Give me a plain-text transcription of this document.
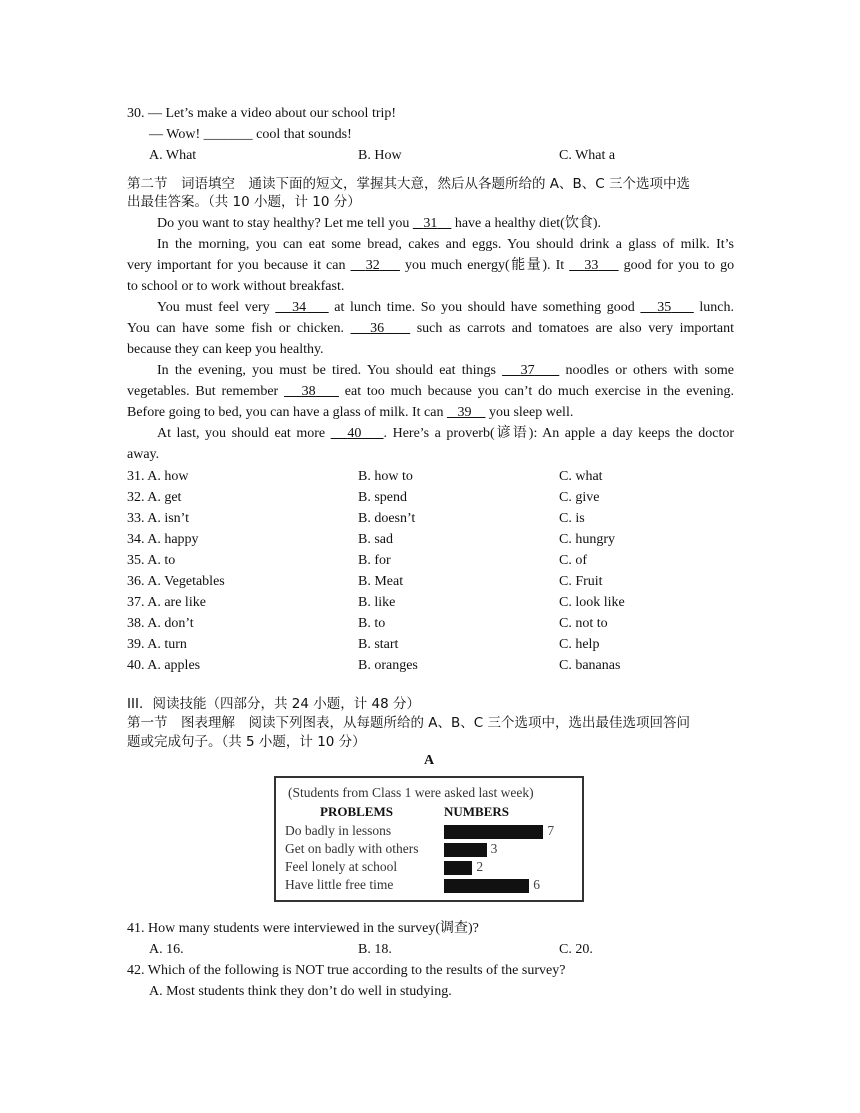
30. — Let’s make a video about our school trip!
— Wow! _______ cool that sounds!
A. What	B. How	C. What a
第二节　词语填空　通读下面的短文，掌握其大意，然后从各题所给的 A、B、C 三个选项中选
出最佳答案。（共 10 小题，计 10 分）
Do you want to stay healthy? Let me tell you 31 have a healthy diet(饮食).
In the morning, you can eat some bread, cakes and eggs. You should drink a glass of milk. It’s
very important for you because it can 32 you much energy(能量). It 33 good for you to go
to school or to work without breakfast.
You must feel very 34 at lunch time. So you should have something good 35 lunch.
You can have some fish or chicken. 36 such as carrots and tomatoes are also very important
because they can keep you healthy.
In the evening, you must be tired. You should eat things 37 noodles or others with some
vegetables. But remember 38 eat too much because you can’t do much exercise in the evening.
Before going to bed, you can have a glass of milk. It can 39 you sleep well.
At last, you should eat more 40 . Here’s a proverb(谚语): An apple a day keeps the doctor
away.
31. A. how	B. how to	C. what
32. A. get	B. spend	C. give
33. A. isn’t	B. doesn’t	C. is
34. A. happy	B. sad	C. hungry
35. A. to	B. for	C. of
36. A. Vegetables	B. Meat	C. Fruit
37. A. are like	B. like	C. look like
38. A. don’t	B. to	C. not to
39. A. turn	B. start	C. help
40. A. apples	B. oranges	C. bananas
III．阅读技能（四部分，共 24 小题，计 48 分）
第一节　图表理解　阅读下列图表，从每题所给的 A、B、C 三个选项中，选出最佳选项回答问
题或完成句子。（共 5 小题，计 10 分）
A
(Students from Class 1 were asked last week)
PROBLEMS	NUMBERS
Do badly in lessons	7
Get on badly with others	3
Feel lonely at school	2
Have little free time	6
41. How many students were interviewed in the survey(调查)?
A. 16.	B. 18.	C. 20.
42. Which of the following is NOT true according to the results of the survey?
A. Most students think they don’t do well in studying.
